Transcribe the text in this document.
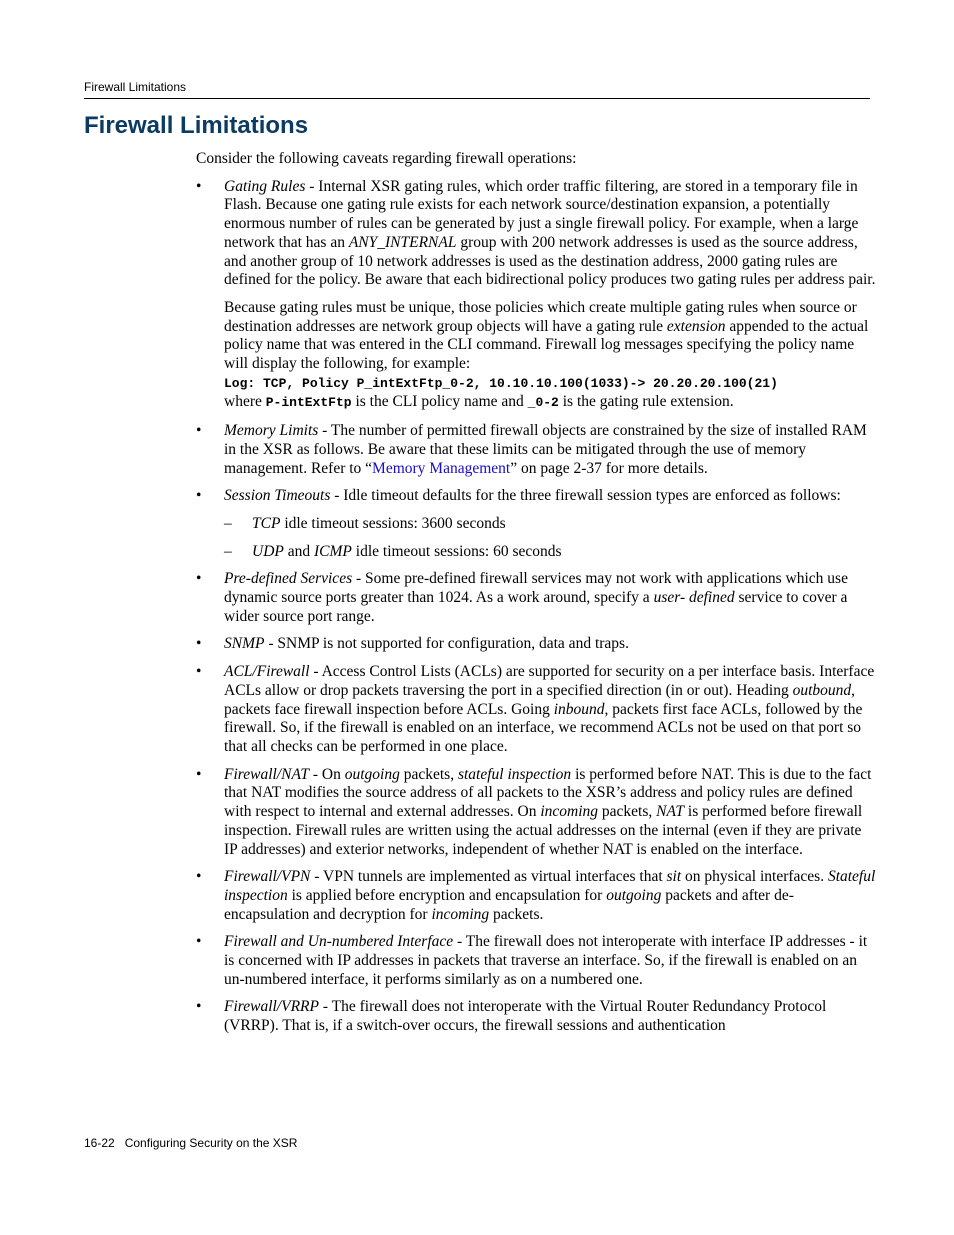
Firewall Limitations
Firewall Limitations

Consider the following caveats regarding firewall operations:

• Gating Rules - Internal XSR gating rules, which order traffic filtering, are stored in a temporary file in Flash. Because one gating rule exists for each network source/destination expansion, a potentially enormous number of rules can be generated by just a single firewall policy. For example, when a large network that has an ANY_INTERNAL group with 200 network addresses is used as the source address, and another group of 10 network addresses is used as the destination address, 2000 gating rules are defined for the policy. Be aware that each bidirectional policy produces two gating rules per address pair.

Because gating rules must be unique, those policies which create multiple gating rules when source or destination addresses are network group objects will have a gating rule extension appended to the actual policy name that was entered in the CLI command. Firewall log messages specifying the policy name will display the following, for example:
Log: TCP, Policy P_intExtFtp_0-2, 10.10.10.100(1033)-> 20.20.20.100(21)
where P-intExtFtp is the CLI policy name and _0-2 is the gating rule extension.

• Memory Limits - The number of permitted firewall objects are constrained by the size of installed RAM in the XSR as follows. Be aware that these limits can be mitigated through the use of memory management. Refer to “Memory Management” on page 2-37 for more details.

• Session Timeouts - Idle timeout defaults for the three firewall session types are enforced as follows:

– TCP idle timeout sessions: 3600 seconds
– UDP and ICMP idle timeout sessions: 60 seconds
• Pre-defined Services - Some pre-defined firewall services may not work with applications which use dynamic source ports greater than 1024. As a work around, specify a user- defined service to cover a wider source port range.

• SNMP - SNMP is not supported for configuration, data and traps.

• ACL/Firewall - Access Control Lists (ACLs) are supported for security on a per interface basis. Interface ACLs allow or drop packets traversing the port in a specified direction (in or out). Heading outbound, packets face firewall inspection before ACLs. Going inbound, packets first face ACLs, followed by the firewall. So, if the firewall is enabled on an interface, we recommend ACLs not be used on that port so that all checks can be performed in one place.

• Firewall/NAT - On outgoing packets, stateful inspection is performed before NAT. This is due to the fact that NAT modifies the source address of all packets to the XSR’s address and policy rules are defined with respect to internal and external addresses. On incoming packets, NAT is performed before firewall inspection. Firewall rules are written using the actual addresses on the internal (even if they are private IP addresses) and exterior networks, independent of whether NAT is enabled on the interface.

• Firewall/VPN - VPN tunnels are implemented as virtual interfaces that sit on physical interfaces. Stateful inspection is applied before encryption and encapsulation for outgoing packets and after de-encapsulation and decryption for incoming packets.

• Firewall and Un-numbered Interface - The firewall does not interoperate with interface IP addresses - it is concerned with IP addresses in packets that traverse an interface. So, if the firewall is enabled on an un-numbered interface, it performs similarly as on a numbered one.

• Firewall/VRRP - The firewall does not interoperate with the Virtual Router Redundancy Protocol (VRRP). That is, if a switch-over occurs, the firewall sessions and authentication

16-22 Configuring Security on the XSR
